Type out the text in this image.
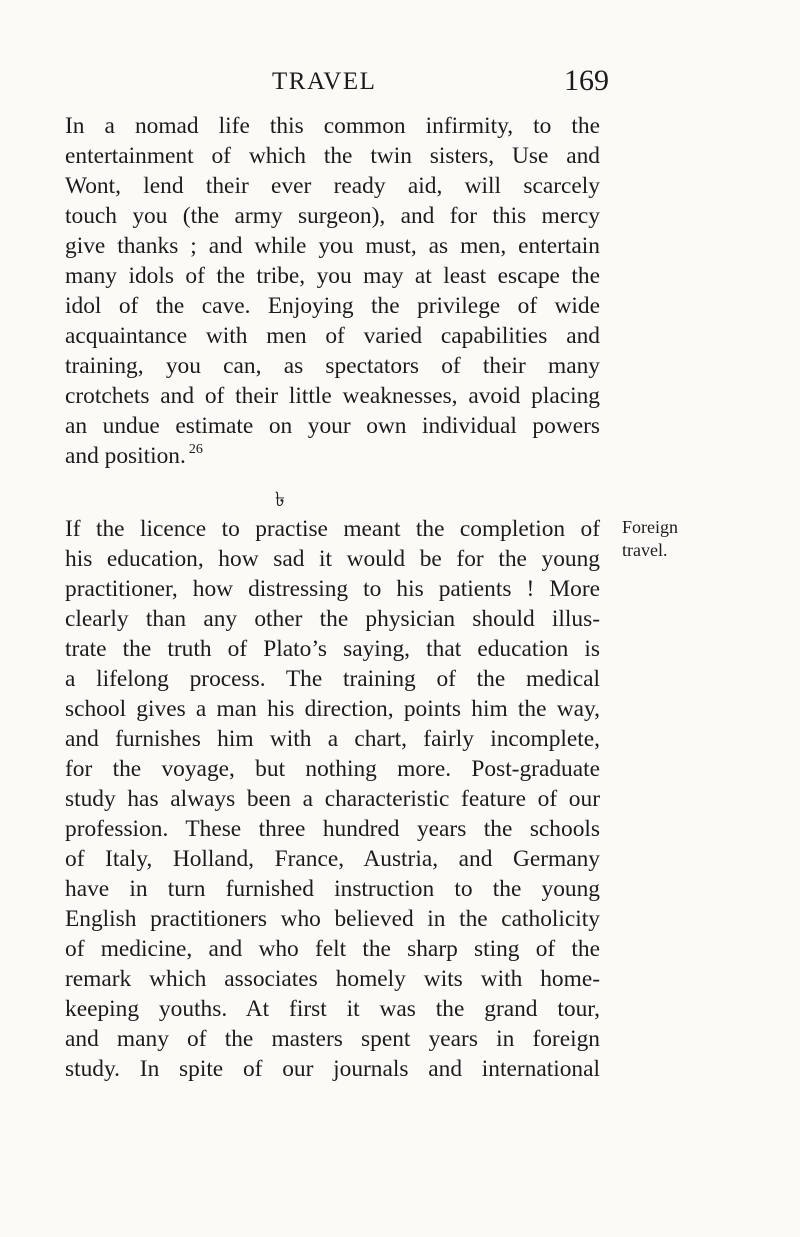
TRAVEL	169
In a nomad life this common infirmity, to the
entertainment of which the twin sisters, Use and
Wont, lend their ever ready aid, will scarcely
touch you (the army surgeon), and for this mercy
give thanks ; and while you must, as men, entertain
many idols of the tribe, you may at least escape the
idol of the cave. Enjoying the privilege of wide
acquaintance with men of varied capabilities and
training, you can, as spectators of their many
crotchets and of their little weaknesses, avoid placing
an undue estimate on your own individual powers
and position. $^{26}$
৳
If the licence to practise meant the completion of
his education, how sad it would be for the young
practitioner, how distressing to his patients ! More
clearly than any other the physician should illus-
trate the truth of Plato’s saying, that education is
a lifelong process. The training of the medical
school gives a man his direction, points him the way,
and furnishes him with a chart, fairly incomplete,
for the voyage, but nothing more. Post-graduate
study has always been a characteristic feature of our
profession. These three hundred years the schools
of Italy, Holland, France, Austria, and Germany
have in turn furnished instruction to the young
English practitioners who believed in the catholicity
of medicine, and who felt the sharp sting of the
remark which associates homely wits with home-
keeping youths. At first it was the grand tour,
and many of the masters spent years in foreign
study. In spite of our journals and international
Foreign
travel.
